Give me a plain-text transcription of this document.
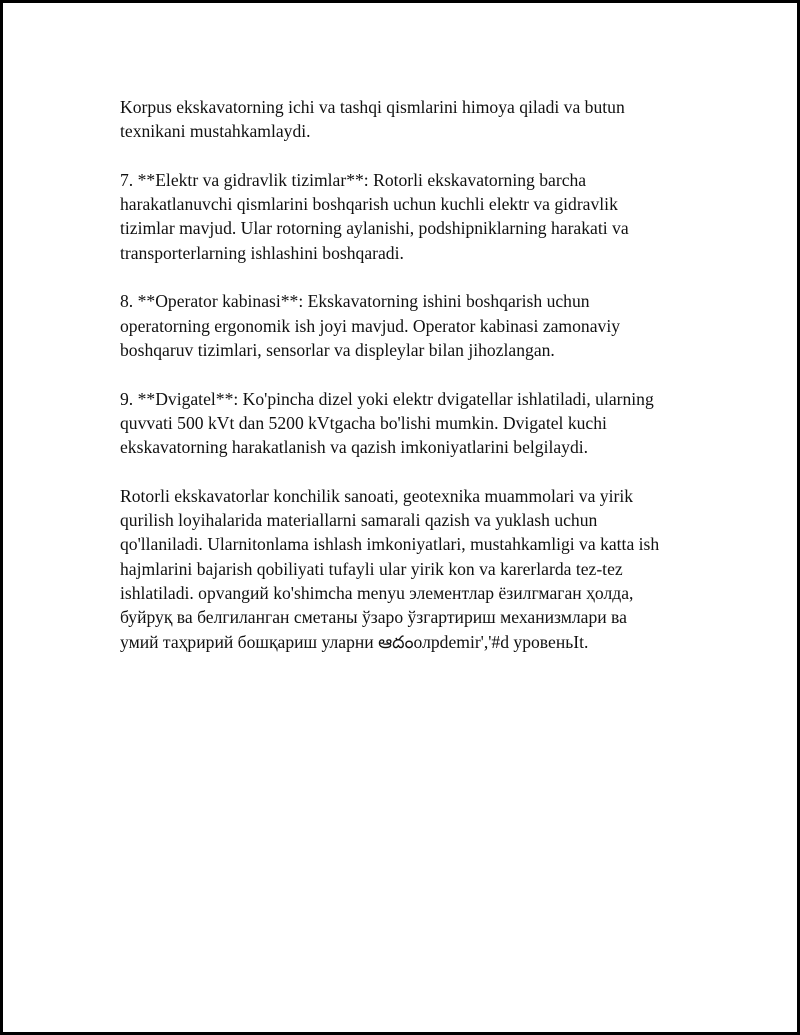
Korpus ekskavatorning ichi va tashqi qismlarini himoya qiladi va butun
texnikani mustahkamlaydi.

7. **Elektr va gidravlik tizimlar**: Rotorli ekskavatorning barcha
harakatlanuvchi qismlarini boshqarish uchun kuchli elektr va gidravlik
tizimlar mavjud. Ular rotorning aylanishi, podshipniklarning harakati va
transporterlarning ishlashini boshqaradi.

8. **Operator kabinasi**: Ekskavatorning ishini boshqarish uchun
operatorning ergonomik ish joyi mavjud. Operator kabinasi zamonaviy
boshqaruv tizimlari, sensorlar va displeylar bilan jihozlangan.

9. **Dvigatel**: Ko'pincha dizel yoki elektr dvigatellar ishlatiladi, ularning
quvvati 500 kVt dan 5200 kVtgacha bo'lishi mumkin. Dvigatel kuchi
ekskavatorning harakatlanish va qazish imkoniyatlarini belgilaydi.

Rotorli ekskavatorlar konchilik sanoati, geotexnika muammolari va yirik
qurilish loyihalarida materiallarni samarali qazish va yuklash uchun
qo'llaniladi. Ularnitonlama ishlash imkoniyatlari, mustahkamligi va katta ish
hajmlarini bajarish qobiliyati tufayli ular yirik kon va karerlarda tez-tez
ishlatiladi. opvangий ko'shimcha menyu элементлар ёзилгмаган ҳолда,
буйруқ ва белгиланган сметаны ўзаро ўзгартириш механизмлари ва
умий таҳририй бошқариш уларни ఆదంолрdemir','#d уровеньIt.
